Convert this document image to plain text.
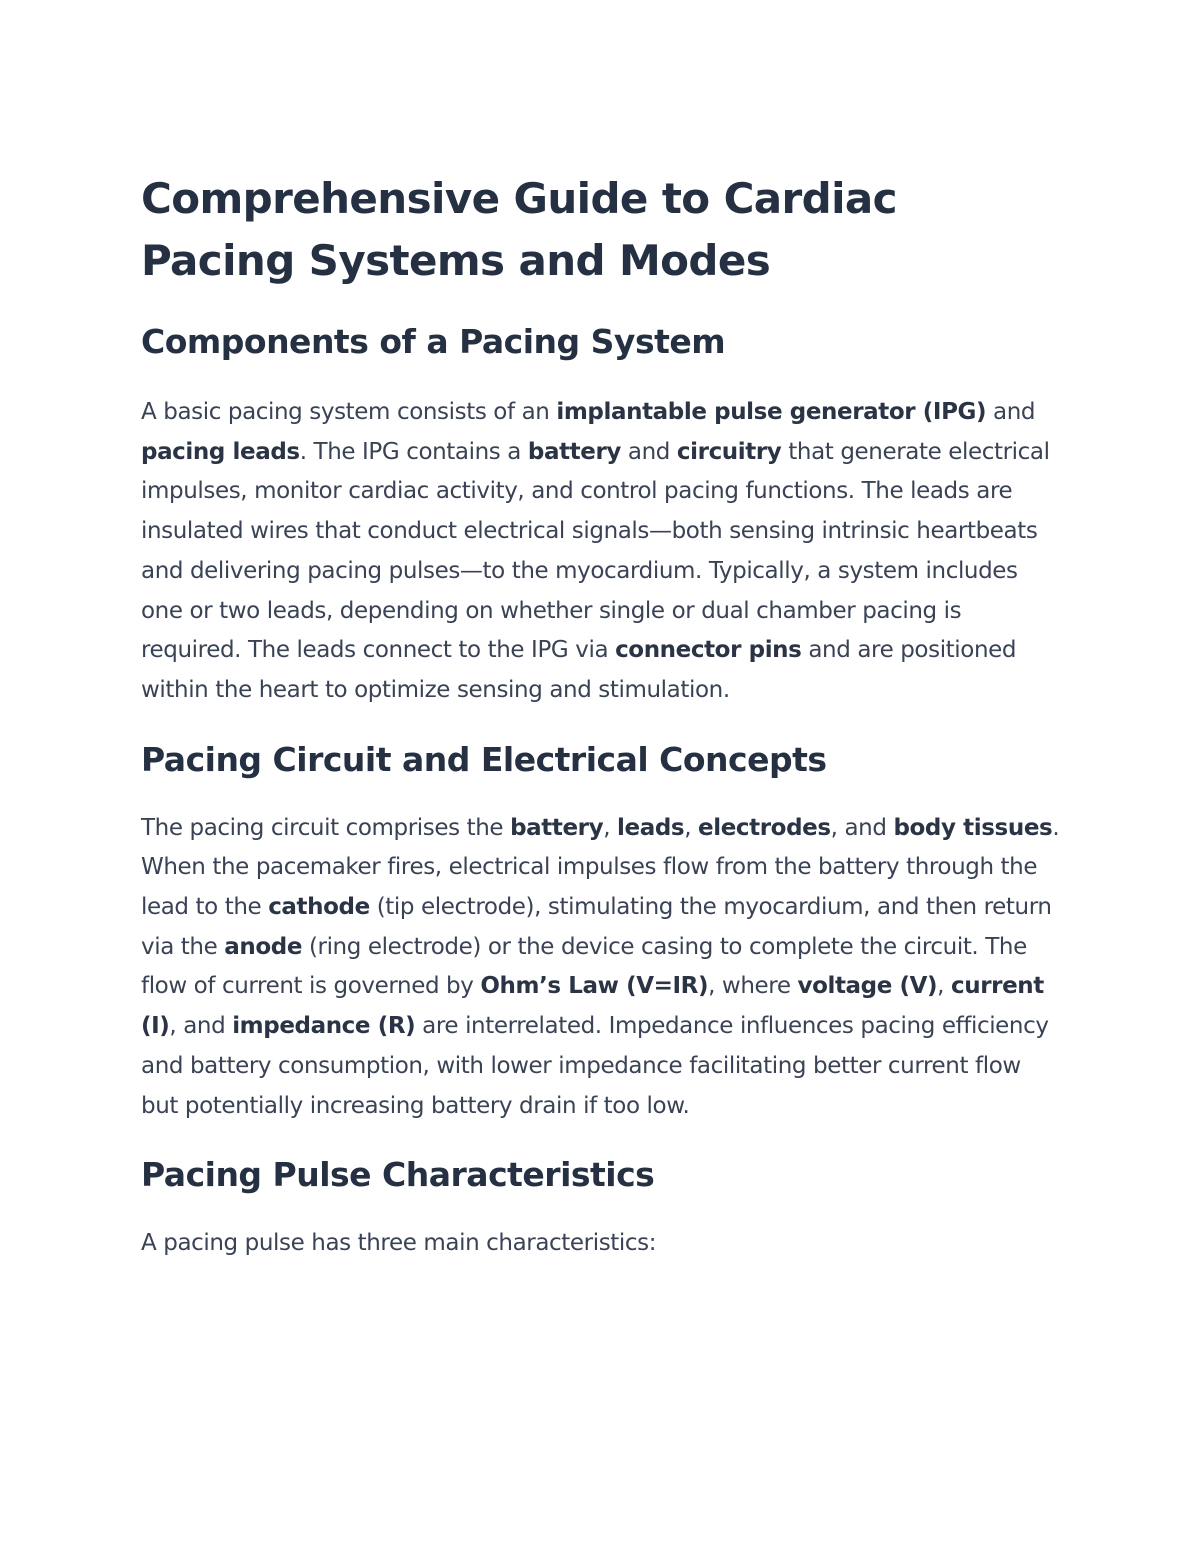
Comprehensive Guide to Cardiac Pacing Systems and Modes
Components of a Pacing System

A basic pacing system consists of an implantable pulse generator (IPG) and pacing leads. The IPG contains a battery and circuitry that generate electrical impulses, monitor cardiac activity, and control pacing functions. The leads are insulated wires that conduct electrical signals—both sensing intrinsic heartbeats and delivering pacing pulses—to the myocardium. Typically, a system includes one or two leads, depending on whether single or dual chamber pacing is required. The leads connect to the IPG via connector pins and are positioned within the heart to optimize sensing and stimulation.

Pacing Circuit and Electrical Concepts

The pacing circuit comprises the battery, leads, electrodes, and body tissues. When the pacemaker fires, electrical impulses flow from the battery through the lead to the cathode (tip electrode), stimulating the myocardium, and then return via the anode (ring electrode) or the device casing to complete the circuit. The flow of current is governed by Ohm’s Law (V=IR), where voltage (V), current (I), and impedance (R) are interrelated. Impedance influences pacing efficiency and battery consumption, with lower impedance facilitating better current flow but potentially increasing battery drain if too low.

Pacing Pulse Characteristics

A pacing pulse has three main characteristics:
